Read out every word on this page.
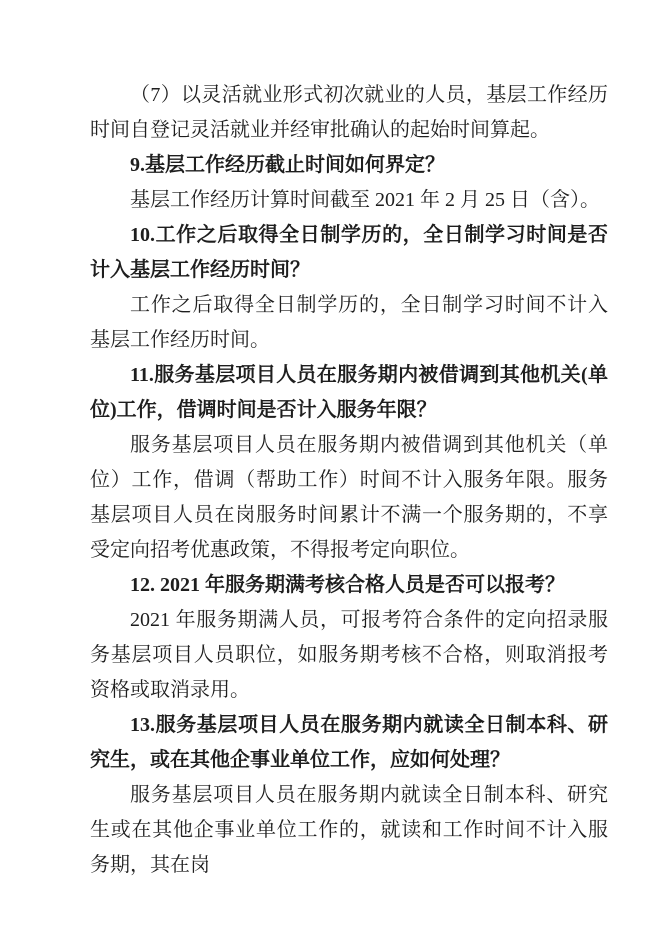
（7）以灵活就业形式初次就业的人员，基层工作经历时间自登记灵活就业并经审批确认的起始时间算起。

9.基层工作经历截止时间如何界定？

基层工作经历计算时间截至 2021 年 2 月 25 日（含）。

10.工作之后取得全日制学历的，全日制学习时间是否计入基层工作经历时间？

工作之后取得全日制学历的，全日制学习时间不计入基层工作经历时间。

11.服务基层项目人员在服务期内被借调到其他机关(单位)工作，借调时间是否计入服务年限？

服务基层项目人员在服务期内被借调到其他机关（单位）工作，借调（帮助工作）时间不计入服务年限。服务基层项目人员在岗服务时间累计不满一个服务期的，不享受定向招考优惠政策，不得报考定向职位。

12. 2021 年服务期满考核合格人员是否可以报考？

2021 年服务期满人员，可报考符合条件的定向招录服务基层项目人员职位，如服务期考核不合格，则取消报考资格或取消录用。

13.服务基层项目人员在服务期内就读全日制本科、研究生，或在其他企事业单位工作，应如何处理？

服务基层项目人员在服务期内就读全日制本科、研究生或在其他企事业单位工作的，就读和工作时间不计入服务期，其在岗
